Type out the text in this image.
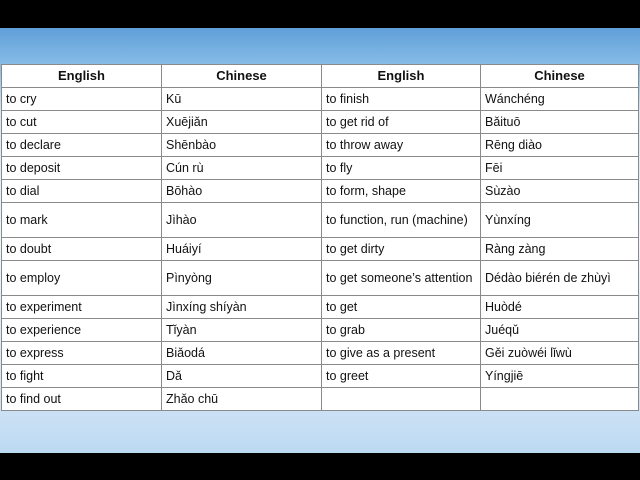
English	Chinese	English	Chinese
to cry	Kū	to finish	Wánchéng
to cut	Xuējiǎn	to get rid of	Bǎituō
to declare	Shēnbào	to throw away	Rēng diào
to deposit	Cún rù	to fly	Fēi
to dial	Bōhào	to form, shape	Sùzào
to mark	Jìhào	to function, run (machine)	Yùnxíng
to doubt	Huáiyí	to get dirty	Ràng zàng
to employ	Pìnyòng	to get someone’s attention	Dédào biérén de zhùyì
to experiment	Jìnxíng shíyàn	to get	Huòdé
to experience	Tǐyàn	to grab	Juéqǔ
to express	Biǎodá	to give as a present	Gěi zuòwéi lǐwù
to fight	Dǎ	to greet	Yíngjiē
to find out	Zhǎo chū		
